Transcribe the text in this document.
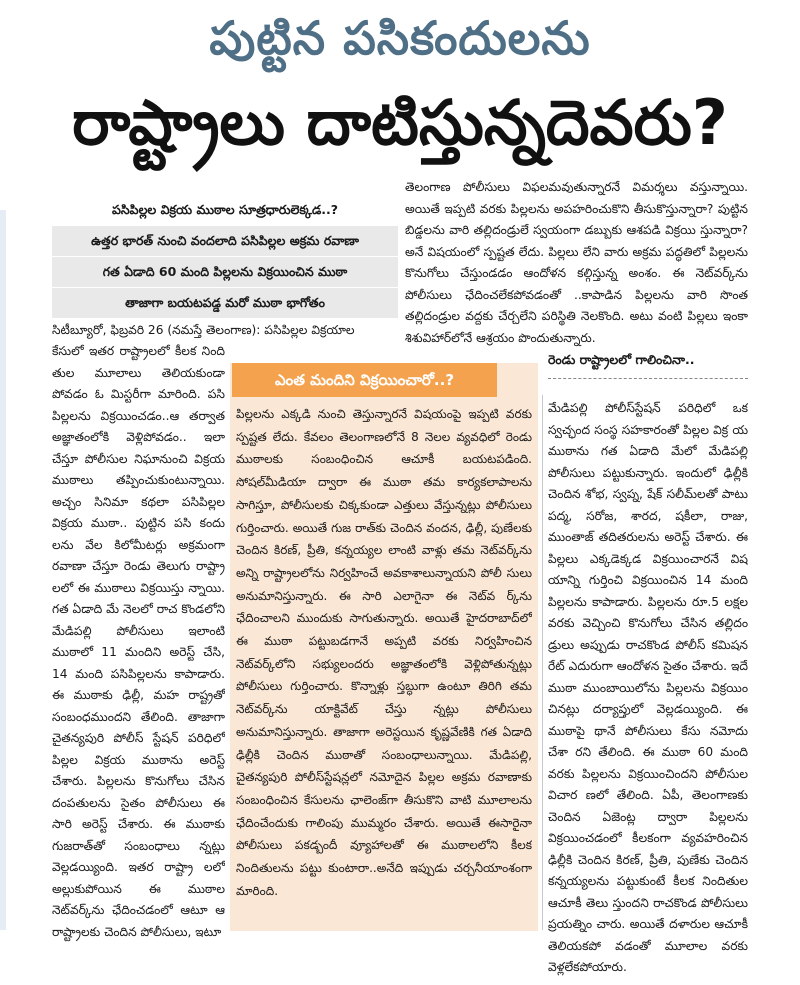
పుట్టిన పసికందులను
రాష్ట్రాలు దాటిస్తున్నదెవరు?
పసిపిల్లల విక్రయ ముఠాల సూత్రధారులెక్కడ..?
ఉత్తర భారత్ నుంచి వందలాది పసిపిల్లల అక్రమ రవాణా
గత ఏడాది 60 మంది పిల్లలను విక్రయించిన ముఠా
తాజాగా బయటపడ్డ మరో ముఠా భాగోతం

సిటీబ్యూరో, ఫిబ్రవరి 26 (నమస్తే తెలంగాణ): పసిపిల్లల విక్రయాల

కేసులో ఇతర రాష్ట్రాలలో కీలక నింది తుల మూలాలు తెలియకుండా పోవడం ఓ మిస్టరీగా మారింది. పసి పిల్లలను విక్రయించడం..ఆ తర్వాత అజ్ఞాతంలోకి వెళ్లిపోవడం.. ఇలా చేస్తూ పోలీసుల నిఘానుంచి విక్రయ ముఠాలు తప్పించుకుంటున్నాయి. అచ్చం సినిమా కథలా పసిపిల్లల విక్రయ ముఠా.. పుట్టిన పసి కందు లను వేల కిలోమీటర్లు అక్రమంగా రవాణా చేస్తూ రెండు తెలుగు రాష్ట్రా లలో ఈ ముఠాలు విక్రయిస్తు న్నాయి. గత ఏడాది మే నెలలో రాచ కొండలోని మేడిపల్లి పోలీసులు ఇలాంటి ముఠాలో 11 మందిని అరెస్ట్ చేసి, 14 మంది పసిపిల్లలను కాపాడారు. ఈ ముఠాకు ఢిల్లీ, మహ రాష్ట్రతో సంబంధముందని తేలింది. తాజాగా చైతన్యపురి పోలీస్ స్టేషన్ పరిధిలో పిల్లల విక్రయ ముఠాను అరెస్ట్ చేశారు. పిల్లలను కొనుగోలు చేసిన దంపతులను సైతం పోలీసులు ఈ సారి అరెస్ట్ చేశారు. ఈ ముఠాకు గుజరాత్‌తో సంబంధాలు న్నట్లు వెల్లడయ్యింది. ఇతర రాష్ట్రా లలో అల్లుకుపోయిన ఈ ముఠాల నెట్‌వర్క్‌ను ఛేదించడంలో ఆటూ ఆ రాష్ట్రాలకు చెందిన పోలీసులు, ఇటూ

తెలంగాణ పోలీసులు విఫలమవుతున్నారనే విమర్శలు వస్తున్నాయి. అయితే ఇప్పటి వరకు పిల్లలను అపహరించుకొని తీసుకొస్తున్నారా? పుట్టిన బిడ్డలను వారి తల్లిదండ్రులే స్వయంగా డబ్బుకు ఆశపడి విక్రయి స్తున్నారా? అనే విషయంలో స్పష్టత లేదు. పిల్లలు లేని వారు అక్రమ పద్ధతిలో పిల్లలను కొనుగోలు చేస్తుండడం ఆందోళన కల్గిస్తున్న అంశం. ఈ నెట్‌వర్క్‌ను పోలీసులు ఛేదించలేకపోవడంతో ..కాపాడిన పిల్లలను వారి సొంత తల్లిదండ్రుల వద్దకు చేర్చలేని పరిస్థితి నెలకొంది. అటు వంటి పిల్లలు ఇంకా శిశువిహార్‌లోనే ఆశ్రయం పొందుతున్నారు.

ఎంత మందిని విక్రయించారో..?

పిల్లలను ఎక్కడి నుంచి తెస్తున్నారనే విషయంపై ఇప్పటి వరకు స్పష్టత లేదు. కేవలం తెలంగాణలోనే 8 నెలల వ్యవధిలో రెండు ముఠాలకు సంబంధించిన ఆచూకీ బయటపడింది. సోషల్‌మీడియా ద్వారా ఈ ముఠా తమ కార్యకలాపాలను సాగిస్తూ, పోలీసులకు చిక్కకుండా ఎత్తులు వేస్తున్నట్లు పోలీసులు గుర్తించారు. అయితే గుజ రాత్‌కు చెందిన వందన, ఢిల్లీ, పుణేలకు చెందిన కిరణ్, ప్రీతి, కన్నయ్యల లాంటి వాళ్లు తమ నెట్‌వర్క్‌ను అన్ని రాష్ట్రాలలోను నిర్వహించే అవకాశాలున్నాయని పోలీ సులు అనుమానిస్తున్నారు. ఈ సారి ఎలాగైనా ఈ నెట్‌వ ర్క్‌ను ఛేదించాలని ముందుకు సాగుతున్నారు. అయితే హైదరాబాద్‌లో ఈ ముఠా పట్టుబడగానే అప్పటి వరకు నిర్వహించిన నెట్‌వర్క్‌లోని సభ్యులందరు అజ్ఞాతంలోకి వెళ్లిపోతున్నట్లు పోలీసులు గుర్తించారు. కొన్నాళ్లు స్తబ్ధుగా ఉంటూ తిరిగి తమ నెట్‌వర్క్‌ను యాక్టివేట్ చేస్తు న్నట్లు పోలీసులు అనుమానిస్తున్నారు. తాజాగా అరెస్టయిన కృష్ణవేణికి గత ఏడాది ఢిల్లీకి చెందిన ముఠాతో సంబంధాలున్నాయి. మేడిపల్లి, చైతన్యపురి పోలీస్‌స్టేషన్లలో నమోదైన పిల్లల అక్రమ రవాణాకు సంబంధించిన కేసులను ఛాలెంజ్‌గా తీసుకొని వాటి మూలాలను ఛేదించేందుకు గాలింపు ముమ్మరం చేశారు. అయితే ఈసారైనా పోలీసులు పకడ్బందీ వ్యూహాలతో ఈ ముఠాలలోని కీలక నిందితులను పట్టు కుంటారా..అనేది ఇప్పుడు చర్చనీయాంశంగా మారింది.

రెండు రాష్ట్రాలలో గాలించినా..

మేడిపల్లి పోలీస్‌స్టేషన్ పరిధిలో ఒక స్వచ్ఛంద సంస్థ సహకారంతో పిల్లల విక్ర య ముఠాను గత ఏడాది మేలో మేడిపల్లి పోలీసులు పట్టుకున్నారు. ఇందులో ఢిల్లీకి చెందిన శోభ, స్వప్న, షేక్ సలీమ్‌లతో పాటు పద్మ, సరోజ, శారద, షకీలా, రాజు, ముంతాజ్ తదితరులను అరెస్ట్ చేశారు. ఈ పిల్లలు ఎక్కడెక్కడ విక్రయించారనే విష యాన్ని గుర్తించి విక్రయించిన 14 మంది పిల్లలను కాపాడారు. పిల్లలను రూ.5 లక్షల వరకు వెచ్చించి కొనుగోలు చేసిన తల్లిదం డ్రులు అప్పుడు రాచకొండ పోలీస్ కమిషన రేట్ ఎదురుగా ఆందోళన సైతం చేశారు. ఇదే ముఠా ముంబాయిలోను పిల్లలను విక్రయిం చినట్లు దర్యాప్తులో వెల్లడయ్యింది. ఈ ముఠాపై థానే పోలీసులు కేసు నమోదు చేశా రని తేలింది. ఈ ముఠా 60 మంది వరకు పిల్లలను విక్రయించిందని పోలీసుల విచార ణలో తేలింది. ఏపీ, తెలంగాణకు చెందిన ఏజెంట్ల ద్వారా పిల్లలను విక్రయించడంలో కీలకంగా వ్యవహరించిన ఢిల్లీకి చెందిన కిరణ్, ప్రీతి, పుణేకు చెందిన కన్నయ్యలను పట్టుకుంటే కీలక నిందితుల ఆచూకీ తెలు స్తుందని రాచకొండ పోలీసులు ప్రయత్నిం చారు. అయితే దళారుల ఆచూకీ తెలియకపో వడంతో మూలాల వరకు వెళ్లలేకపోయారు.
